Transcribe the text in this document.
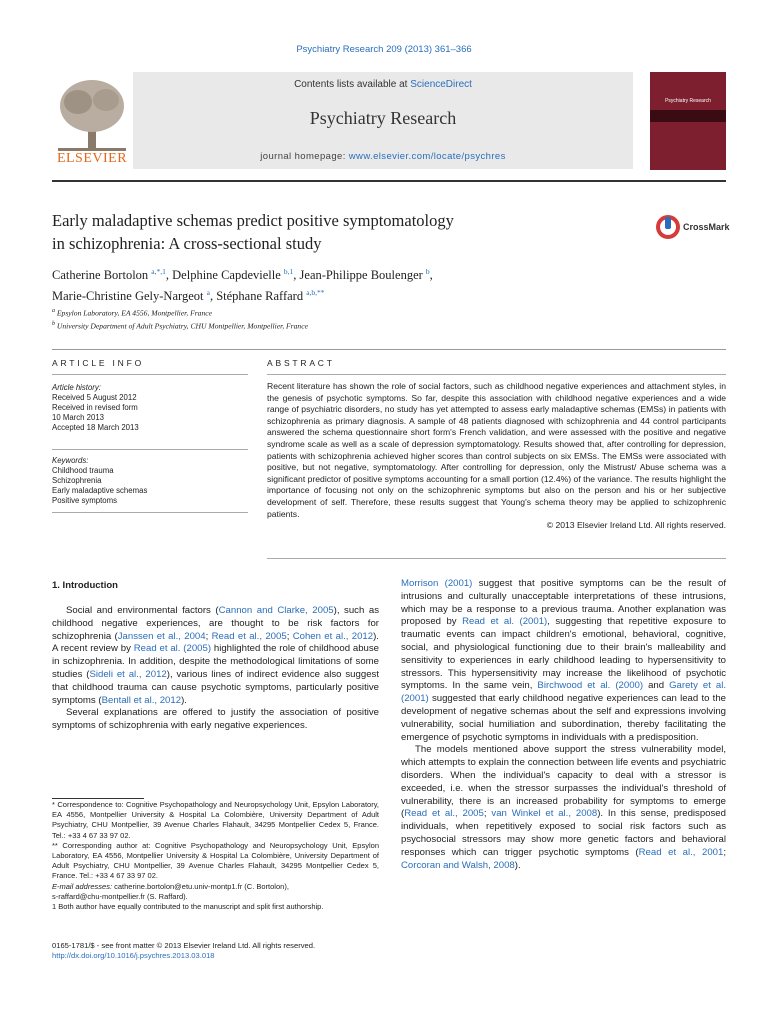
Psychiatry Research 209 (2013) 361–366
ELSEVIER
Contents lists available at ScienceDirect
Psychiatry Research
journal homepage: www.elsevier.com/locate/psychres
Psychiatry Research
Early maladaptive schemas predict positive symptomatology
in schizophrenia: A cross-sectional study
CrossMark
Catherine Bortolon $^{a,*,1}$, Delphine Capdevielle $^{b,1}$, Jean-Philippe Boulenger $^b$,
Marie-Christine Gely-Nargeot $^a$, Stéphane Raffard $^{a,b,**}$
$^a$ Epsylon Laboratory, EA 4556, Montpellier, France
$^b$ University Department of Adult Psychiatry, CHU Montpellier, Montpellier, France
ARTICLE INFO
Article history:
Received 5 August 2012
Received in revised form
10 March 2013
Accepted 18 March 2013
Keywords:
Childhood trauma
Schizophrenia
Early maladaptive schemas
Positive symptoms
ABSTRACT
Recent literature has shown the role of social factors, such as childhood negative experiences and attachment styles, in the genesis of psychotic symptoms. So far, despite this association with childhood negative experiences and a wide range of psychiatric disorders, no study has yet attempted to assess early maladaptive schemas (EMSs) in patients with schizophrenia as primary diagnosis. A sample of 48 patients diagnosed with schizophrenia and 44 control participants answered the schema questionnaire short form's French validation, and were assessed with the positive and negative syndrome scale as well as a scale of depression symptomatology. Results showed that, after controlling for depression, patients with schizophrenia achieved higher scores than control subjects on six EMSs. The EMSs were associated with positive, but not negative, symptomatology. After controlling for depression, only the Mistrust/ Abuse schema was a significant predictor of positive symptoms accounting for a small portion (12.4%) of the variance. The results highlight the importance of focusing not only on the schizophrenic symptoms but also on the person and his or her subjective development of self. Therefore, these results suggest that Young's schema theory may be applied to schizophrenic patients.
© 2013 Elsevier Ireland Ltd. All rights reserved.
1. Introduction

Social and environmental factors (Cannon and Clarke, 2005), such as childhood negative experiences, are thought to be risk factors for schizophrenia (Janssen et al., 2004; Read et al., 2005; Cohen et al., 2012). A recent review by Read et al. (2005) highlighted the role of childhood abuse in schizophrenia. In addition, despite the methodological limitations of some studies (Sideli et al., 2012), various lines of indirect evidence also suggest that childhood trauma can cause psychotic symptoms, particularly positive symptoms (Bentall et al., 2012).

Several explanations are offered to justify the association of positive symptoms of schizophrenia with early negative experiences.

* Correspondence to: Cognitive Psychopathology and Neuropsychology Unit, Epsylon Laboratory, EA 4556, Montpellier University & Hospital La Colombière, University Department of Adult Psychiatry, CHU Montpellier, 39 Avenue Charles Flahault, 34295 Montpellier Cedex 5, France. Tel.: +33 4 67 33 97 02.

** Corresponding author at: Cognitive Psychopathology and Neuropsychology Unit, Epsylon Laboratory, EA 4556, Montpellier University & Hospital La Colombière, University Department of Adult Psychiatry, CHU Montpellier, 39 Avenue Charles Flahault, 34295 Montpellier Cedex 5, France. Tel.: +33 4 67 33 97 02.

E-mail addresses: catherine.bortolon@etu.univ-montp1.fr (C. Bortolon),

s-raffard@chu-montpellier.fr (S. Raffard).

1 Both author have equally contributed to the manuscript and split first authorship.

0165-1781/$ - see front matter © 2013 Elsevier Ireland Ltd. All rights reserved.
http://dx.doi.org/10.1016/j.psychres.2013.03.018

Morrison (2001) suggest that positive symptoms can be the result of intrusions and culturally unacceptable interpretations of these intrusions, which may be a response to a previous trauma. Another explanation was proposed by Read et al. (2001), suggesting that repetitive exposure to traumatic events can impact children's emotional, behavioral, cognitive, social, and physiological functioning due to their brain's malleability and sensitivity to experiences in early childhood leading to hypersensitivity to stressors. This hypersensitivity may increase the likelihood of psychotic symptoms. In the same vein, Birchwood et al. (2000) and Garety et al. (2001) suggested that early childhood negative experiences can lead to the development of negative schemas about the self and expressions involving vulnerability, social humiliation and subordination, thereby facilitating the emergence of psychotic symptoms in individuals with a predisposition.

The models mentioned above support the stress vulnerability model, which attempts to explain the connection between life events and psychiatric disorders. When the individual's capacity to deal with a stressor is exceeded, i.e. when the stressor surpasses the individual's threshold of vulnerability, there is an increased probability for symptoms to emerge (Read et al., 2005; van Winkel et al., 2008). In this sense, predisposed individuals, when repetitively exposed to social risk factors such as psychosocial stressors may show more genetic factors and behavioral responses which can trigger psychotic symptoms (Read et al., 2001; Corcoran and Walsh, 2008).
